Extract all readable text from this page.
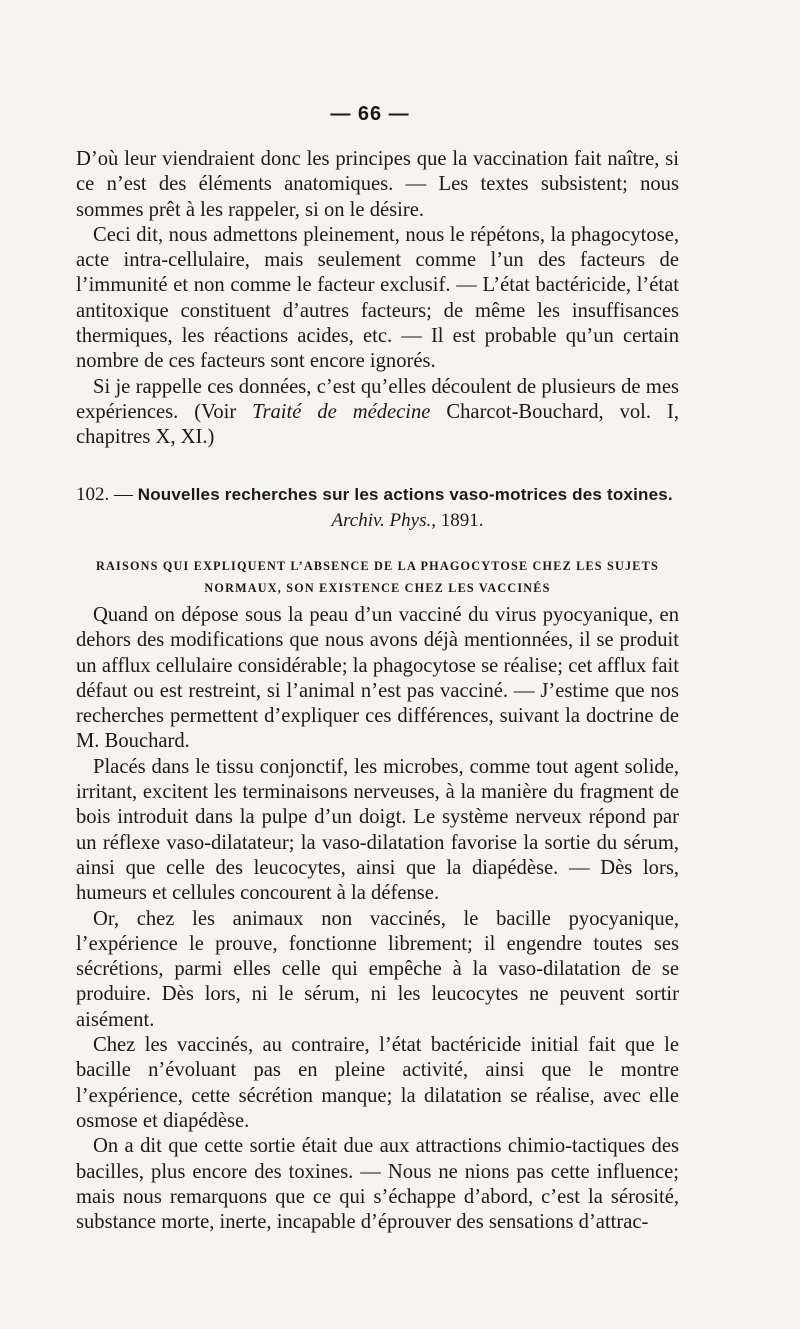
— 66 —

D’où leur viendraient donc les principes que la vaccination fait naître, si ce n’est des éléments anatomiques. — Les textes subsistent; nous sommes prêt à les rappeler, si on le désire.

Ceci dit, nous admettons pleinement, nous le répétons, la phagocytose, acte intra-cellulaire, mais seulement comme l’un des facteurs de l’immunité et non comme le facteur exclusif. — L’état bactéricide, l’état antitoxique constituent d’autres facteurs; de même les insuffisances thermiques, les réactions acides, etc. — Il est probable qu’un certain nombre de ces facteurs sont encore ignorés.

Si je rappelle ces données, c’est qu’elles découlent de plusieurs de mes expériences. (Voir Traité de médecine Charcot-Bouchard, vol. I, chapitres X, XI.)

102. — Nouvelles recherches sur les actions vaso-motrices des toxines.
Archiv. Phys., 1891.
RAISONS QUI EXPLIQUENT L’ABSENCE DE LA PHAGOCYTOSE CHEZ LES SUJETS
NORMAUX, SON EXISTENCE CHEZ LES VACCINÉS

Quand on dépose sous la peau d’un vacciné du virus pyocyanique, en dehors des modifications que nous avons déjà mentionnées, il se produit un afflux cellulaire considérable; la phagocytose se réalise; cet afflux fait défaut ou est restreint, si l’animal n’est pas vacciné. — J’estime que nos recherches permettent d’expliquer ces différences, suivant la doctrine de M. Bouchard.

Placés dans le tissu conjonctif, les microbes, comme tout agent solide, irritant, excitent les terminaisons nerveuses, à la manière du fragment de bois introduit dans la pulpe d’un doigt. Le système nerveux répond par un réflexe vaso-dilatateur; la vaso-dilatation favorise la sortie du sérum, ainsi que celle des leucocytes, ainsi que la diapédèse. — Dès lors, humeurs et cellules concourent à la défense.

Or, chez les animaux non vaccinés, le bacille pyocyanique, l’expérience le prouve, fonctionne librement; il engendre toutes ses sécrétions, parmi elles celle qui empêche à la vaso-dilatation de se produire. Dès lors, ni le sérum, ni les leucocytes ne peuvent sortir aisément.

Chez les vaccinés, au contraire, l’état bactéricide initial fait que le bacille n’évoluant pas en pleine activité, ainsi que le montre l’expérience, cette sécrétion manque; la dilatation se réalise, avec elle osmose et diapédèse.

On a dit que cette sortie était due aux attractions chimio-tactiques des bacilles, plus encore des toxines. — Nous ne nions pas cette influence; mais nous remarquons que ce qui s’échappe d’abord, c’est la sérosité, substance morte, inerte, incapable d’éprouver des sensations d’attrac-
